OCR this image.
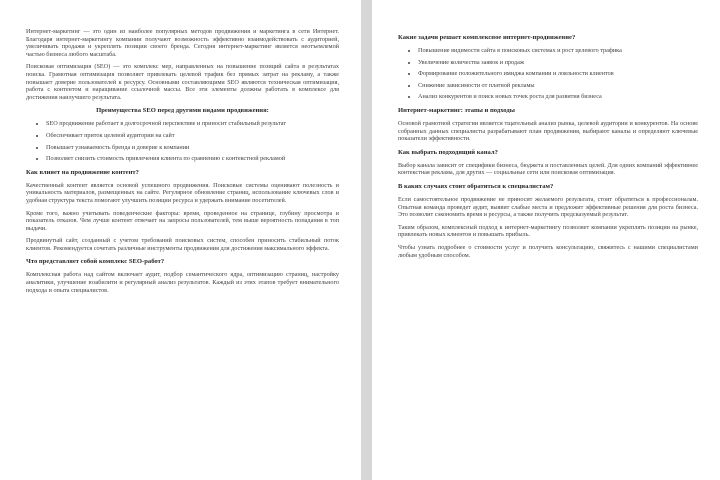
Интернет-маркетинг — это один из наиболее популярных методов продвижения и маркетинга в сети Интернет. Благодаря интернет-маркетингу компании получают возможность эффективно взаимодействовать с аудиторией, увеличивать продажи и укреплять позиции своего бренда. Сегодня интернет-маркетинг является неотъемлемой частью бизнеса любого масштаба.

Поисковая оптимизация (SEO) — это комплекс мер, направленных на повышение позиций сайта в результатах поиска. Грамотная оптимизация позволяет привлекать целевой трафик без прямых затрат на рекламу, а также повышает доверие пользователей к ресурсу. Основными составляющими SEO являются техническая оптимизация, работа с контентом и наращивание ссылочной массы. Все эти элементы должны работать в комплексе для достижения наилучшего результата.

Преимущества SEO перед другими видами продвижения:

• SEO продвижение работает в долгосрочной перспективе и приносит стабильный результат
• Обеспечивает приток целевой аудитории на сайт
• Повышает узнаваемость бренда и доверие к компании
• Позволяет снизить стоимость привлечения клиента по сравнению с контекстной рекламой

Как влияет на продвижение контент?

Качественный контент является основой успешного продвижения. Поисковые системы оценивают полезность и уникальность материалов, размещенных на сайте. Регулярное обновление страниц, использование ключевых слов и удобная структура текста помогают улучшить позиции ресурса и удержать внимание посетителей.

Кроме того, важно учитывать поведенческие факторы: время, проведенное на странице, глубину просмотра и показатель отказов. Чем лучше контент отвечает на запросы пользователей, тем выше вероятность попадания в топ выдачи.

Продвинутый сайт, созданный с учетом требований поисковых систем, способен приносить стабильный поток клиентов. Рекомендуется сочетать различные инструменты продвижения для достижения максимального эффекта.

Что представляет собой комплекс SEO-работ?

Комплексная работа над сайтом включает аудит, подбор семантического ядра, оптимизацию страниц, настройку аналитики, улучшение юзабилити и регулярный анализ результатов. Каждый из этих этапов требует внимательного подхода и опыта специалистов.

Какие задачи решает комплексное интернет-продвижение?

• Повышение видимости сайта в поисковых системах и рост целевого трафика
• Увеличение количества заявок и продаж
• Формирование положительного имиджа компании и лояльности клиентов
• Снижение зависимости от платной рекламы
• Анализ конкурентов и поиск новых точек роста для развития бизнеса

Интернет-маркетинг: этапы и подходы

Основой грамотной стратегии является тщательный анализ рынка, целевой аудитории и конкурентов. На основе собранных данных специалисты разрабатывают план продвижения, выбирают каналы и определяют ключевые показатели эффективности.

Как выбрать подходящий канал?

Выбор канала зависит от специфики бизнеса, бюджета и поставленных целей. Для одних компаний эффективнее контекстная реклама, для других — социальные сети или поисковая оптимизация.

В каких случаях стоит обратиться к специалистам?

Если самостоятельное продвижение не приносит желаемого результата, стоит обратиться к профессионалам. Опытная команда проведет аудит, выявит слабые места и предложит эффективные решения для роста бизнеса. Это позволит сэкономить время и ресурсы, а также получить предсказуемый результат.

Таким образом, комплексный подход к интернет-маркетингу позволяет компании укреплять позиции на рынке, привлекать новых клиентов и повышать прибыль.

Чтобы узнать подробнее о стоимости услуг и получить консультацию, свяжитесь с нашими специалистами любым удобным способом.
